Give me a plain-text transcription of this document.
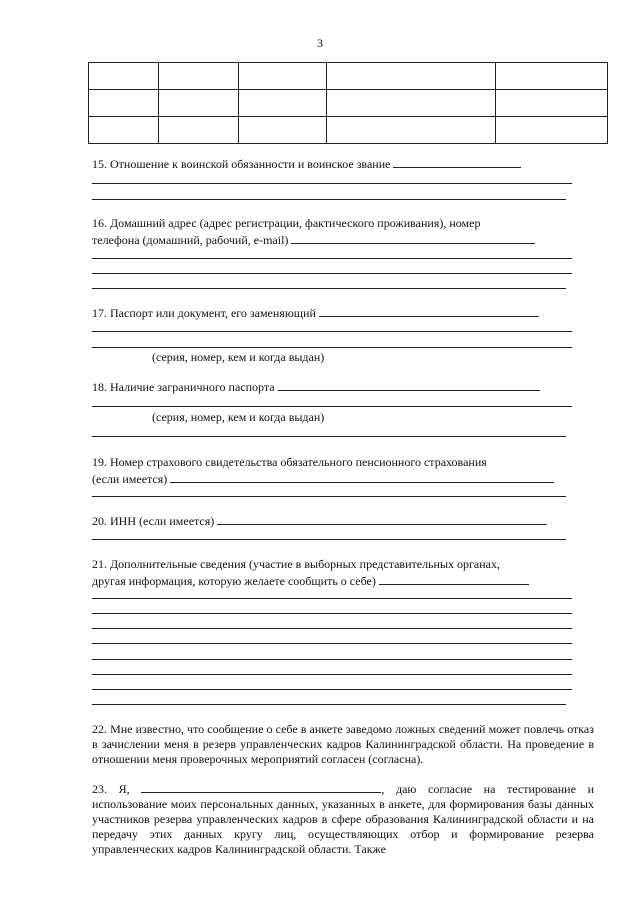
3

15. Отношение к воинской обязанности и воинское звание
16. Домашний адрес (адрес регистрации, фактического проживания), номер
телефона (домашний, рабочий, e-mail)
17. Паспорт или документ, его заменяющий
(серия, номер, кем и когда выдан)
18. Наличие заграничного паспорта
(серия, номер, кем и когда выдан)
19. Номер страхового свидетельства обязательного пенсионного страхования
(если имеется)
20. ИНН (если имеется)
21. Дополнительные сведения (участие в выборных представительных органах,
другая информация, которую желаете сообщить о себе)
22. Мне известно, что сообщение о себе в анкете заведомо ложных сведений может повлечь отказ в зачислении меня в резерв управленческих кадров Калининградской области. На проведение в отношении меня проверочных мероприятий согласен (согласна).
23. Я,	, даю согласие на тестирование и использование моих персональных данных, указанных в анкете, для формирования базы данных участников резерва управленческих кадров в сфере образования Калининградской области и на передачу этих данных кругу лиц, осуществляющих отбор и формирование резерва управленческих кадров Калининградской области. Также
